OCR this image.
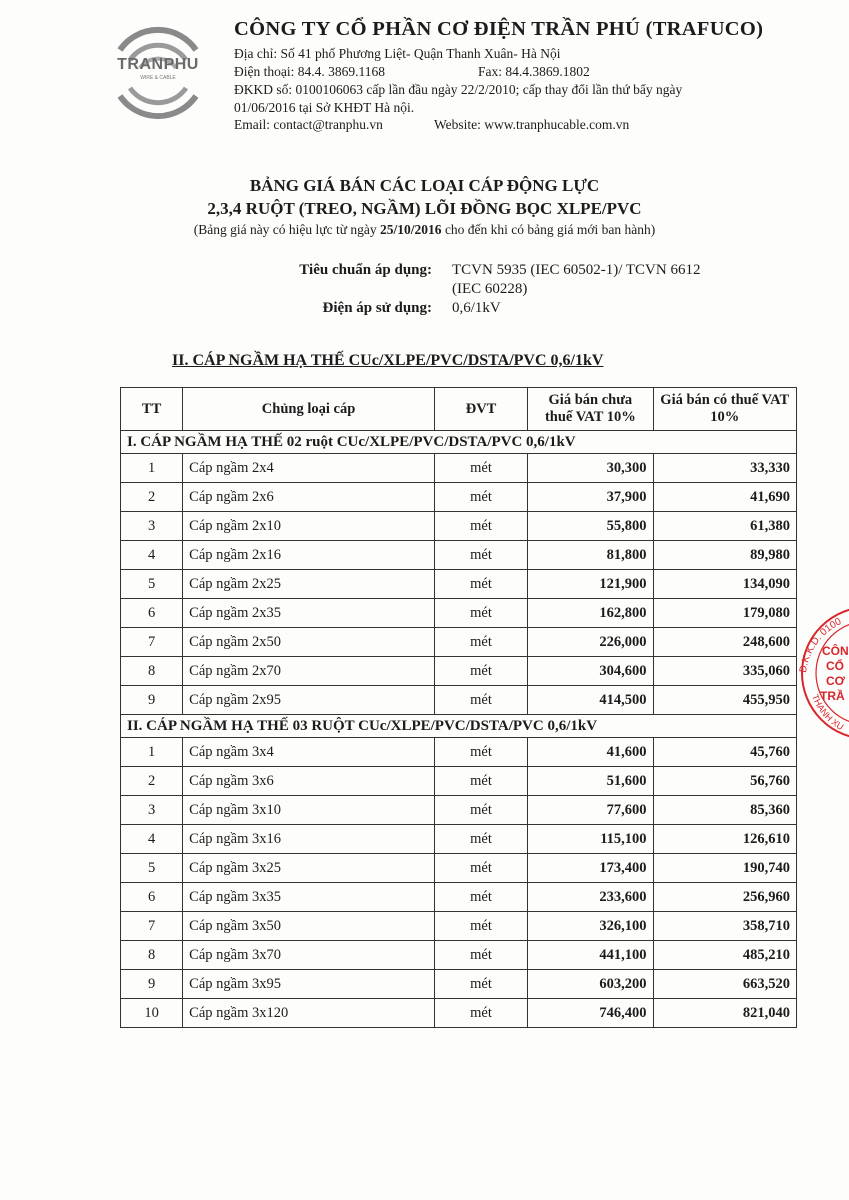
TRANPHU
WIRE & CABLE
CÔNG TY CỔ PHẦN CƠ ĐIỆN TRẦN PHÚ (TRAFUCO)
Địa chỉ: Số 41 phố Phương Liệt- Quận Thanh Xuân- Hà Nội
Điện thoại: 84.4. 3869.1168	Fax: 84.4.3869.1802
ĐKKD số: 0100106063 cấp lần đầu ngày 22/2/2010; cấp thay đổi lần thứ bẩy ngày
01/06/2016 tại Sở KHĐT Hà nội.
Email: contact@tranphu.vn	Website: www.tranphucable.com.vn
BẢNG GIÁ BÁN CÁC LOẠI CÁP ĐỘNG LỰC
2,3,4 RUỘT (TREO, NGẦM) LÕI ĐỒNG BỌC XLPE/PVC
(Bảng giá này có hiệu lực từ ngày 25/10/2016 cho đến khi có bảng giá mới ban hành)
Tiêu chuẩn áp dụng: TCVN 5935 (IEC 60502-1)/ TCVN 6612
(IEC 60228)
Điện áp sử dụng: 0,6/1kV
II. CÁP NGẦM HẠ THẾ CUc/XLPE/PVC/DSTA/PVC 0,6/1kV
TT	Chủng loại cáp	ĐVT	Giá bán chưa thuế VAT 10%	Giá bán có thuế VAT 10%
I. CÁP NGẦM HẠ THẾ 02 ruột CUc/XLPE/PVC/DSTA/PVC 0,6/1kV				
1	Cáp ngầm 2x4	mét	30,300	33,330
2	Cáp ngầm 2x6	mét	37,900	41,690
3	Cáp ngầm 2x10	mét	55,800	61,380
4	Cáp ngầm 2x16	mét	81,800	89,980
5	Cáp ngầm 2x25	mét	121,900	134,090
6	Cáp ngầm 2x35	mét	162,800	179,080
7	Cáp ngầm 2x50	mét	226,000	248,600
8	Cáp ngầm 2x70	mét	304,600	335,060
9	Cáp ngầm 2x95	mét	414,500	455,950
II. CÁP NGẦM HẠ THẾ 03 RUỘT CUc/XLPE/PVC/DSTA/PVC 0,6/1kV				
1	Cáp ngầm 3x4	mét	41,600	45,760
2	Cáp ngầm 3x6	mét	51,600	56,760
3	Cáp ngầm 3x10	mét	77,600	85,360
4	Cáp ngầm 3x16	mét	115,100	126,610
5	Cáp ngầm 3x25	mét	173,400	190,740
6	Cáp ngầm 3x35	mét	233,600	256,960
7	Cáp ngầm 3x50	mét	326,100	358,710
8	Cáp ngầm 3x70	mét	441,100	485,210
9	Cáp ngầm 3x95	mét	603,200	663,520
10	Cáp ngầm 3x120	mét	746,400	821,040
Đ.K.K.D. 0100
THANH XU
CÔN
CỔ
CƠ
TRẦ
